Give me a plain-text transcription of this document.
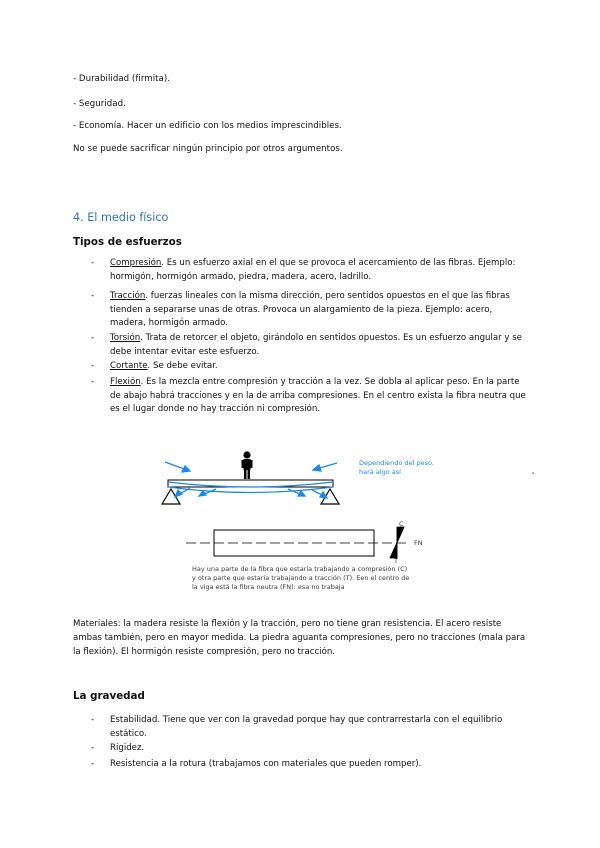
- Durabilidad (firmita).
- Seguridad.
- Economía. Hacer un edificio con los medios imprescindibles.
No se puede sacrificar ningún principio por otros argumentos.
4. El medio físico
Tipos de esfuerzos
- Compresión. Es un esfuerzo axial en el que se provoca el acercamiento de las fibras. Ejemplo: hormigón, hormigón armado, piedra, madera, acero, ladrillo.
- Tracción. fuerzas lineales con la misma dirección, pero sentidos opuestos en el que las fibras tienden a separarse unas de otras. Provoca un alargamiento de la pieza. Ejemplo: acero, madera, hormigón armado.
- Torsión. Trata de retorcer el objeto, girándolo en sentidos opuestos. Es un esfuerzo angular y se debe intentar evitar este esfuerzo.
- Cortante. Se debe evitar.
- Flexión. Es la mezcla entre compresión y tracción a la vez. Se dobla al aplicar peso. En la parte de abajo habrá tracciones y en la de arriba compresiones. En el centro exista la fibra neutra que es el lugar donde no hay tracción ni compresión.
Dependiendo del peso,
hará algo así
C
T
FN
Hay una parte de la fibra que estaría trabajando a compresión (C)
y otra parte que estaría trabajando a tracción (T). Een el centro de
la viga está la fibra neutra (FN): esa no trabaja
Materiales: la madera resiste la flexión y la tracción, pero no tiene gran resistencia. El acero resiste ambas también, pero en mayor medida. La piedra aguanta compresiones, pero no tracciones (mala para la flexión). El hormigón resiste compresión, pero no tracción.
La gravedad
- Estabilidad. Tiene que ver con la gravedad porque hay que contrarrestarla con el equilibrio estático.
- Rigidez.
- Resistencia a la rotura (trabajamos con materiales que pueden romper).
